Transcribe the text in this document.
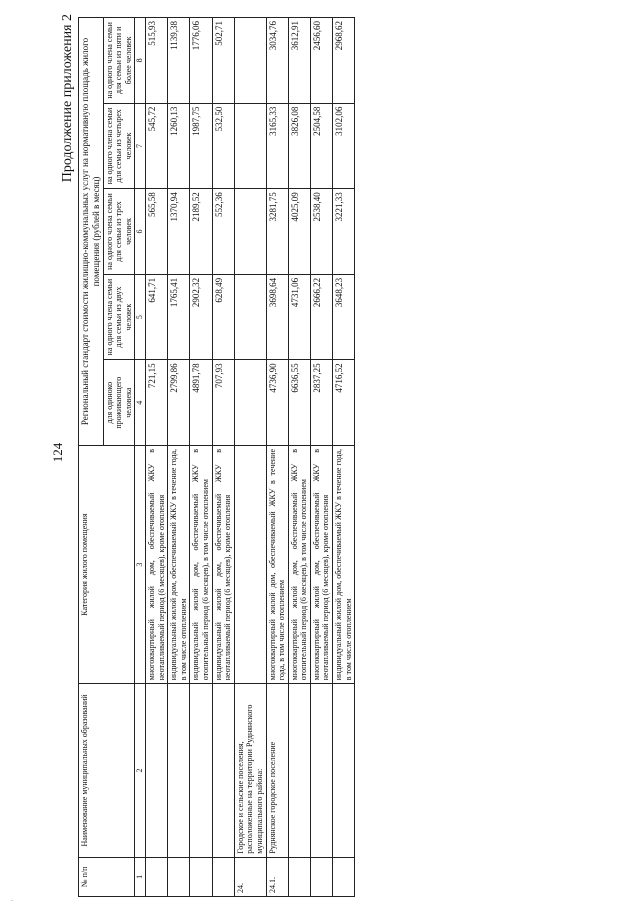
124
Продолжение приложения 2
№ п/п	Наименование муниципальных образований	Категория жилого помещения	Региональный стандарт стоимости жилищно-коммунальных услуг на нормативную площадь жилого помещения (рублей в месяц)				
			для одиноко проживающего человека	на одного члена семьи для семьи из двух человек	на одного члена семьи для семьи из трех человек	на одного члена семьи для семьи из четырех человек	на одного члена семьи для семьи из пяти и более человек
1	2	3	4	5	6	7	8
		многоквартирный жилой дом, обеспечиваемый ЖКУ в неотапливаемый период (6 месяцев), кроме отопления	721,15	641,71	565,58	545,72	515,93
		индивидуальный жилой дом, обеспечиваемый ЖКУ в течение года, в том числе отоплением	2799,86	1765,41	1370,94	1260,13	1139,38
		индивидуальный жилой дом, обеспечиваемый ЖКУ в отопительный период (6 месяцев), в том числе отоплением	4891,78	2902,32	2189,52	1987,75	1776,06
		индивидуальный жилой дом, обеспечиваемый ЖКУ в неотапливаемый период (6 месяцев), кроме отопления	707,93	628,49	552,36	532,50	502,71
24.	Городское и сельские поселения, расположенные на территории Руднянского муниципального района:						
24.1.	Руднянское городское поселение	многоквартирный жилой дом, обеспечиваемый ЖКУ в течение года, в том числе отоплением	4736,90	3698,64	3281,75	3165,33	3034,76
		многоквартирный жилой дом, обеспечиваемый ЖКУ в отопительный период (6 месяцев), в том числе отоплением	6636,55	4731,06	4025,09	3826,08	3612,91
		многоквартирный жилой дом, обеспечиваемый ЖКУ в неотапливаемый период (6 месяцев), кроме отопления	2837,25	2666,22	2538,40	2504,58	2456,60
		индивидуальный жилой дом, обеспечиваемый ЖКУ в течение года, в том числе отоплением	4716,52	3648,23	3221,33	3102,06	2968,62
,
